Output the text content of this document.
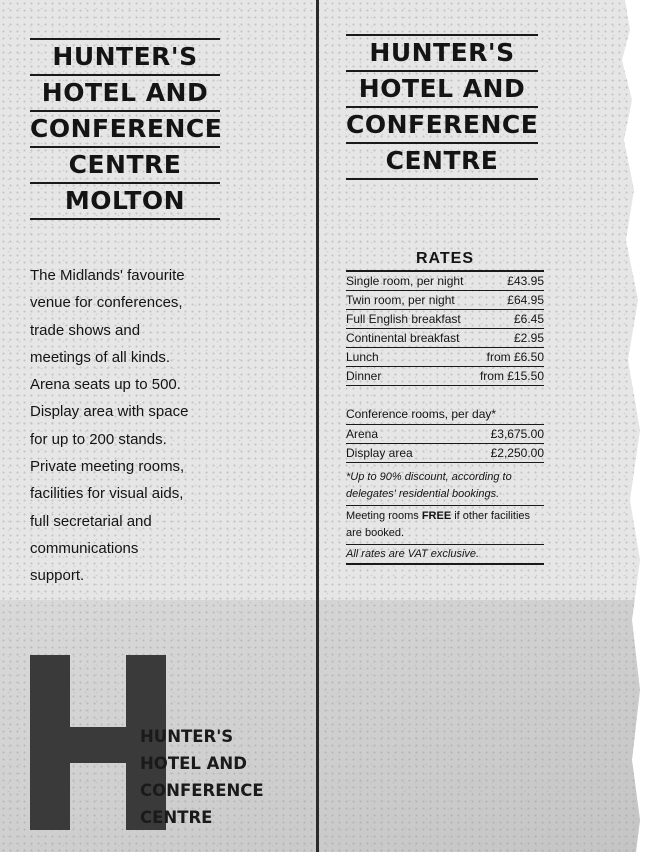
HUNTER'S
HOTEL AND
CONFERENCE
CENTRE
MOLTON
HUNTER'S
HOTEL AND
CONFERENCE
CENTRE
The Midlands' favourite
venue for conferences,
trade shows and
meetings of all kinds.
Arena seats up to 500.
Display area with space
for up to 200 stands.
Private meeting rooms,
facilities for visual aids,
full secretarial and
communications
support.
RATES
Single room, per night	£43.95
Twin room, per night	£64.95
Full English breakfast	£6.45
Continental breakfast	£2.95
Lunch	from £6.50
Dinner	from £15.50
Conference rooms, per day*
Arena	£3,675.00
Display area	£2,250.00
*Up to 90% discount, according to delegates' residential bookings.
Meeting rooms FREE if other facilities are booked.
All rates are VAT exclusive.
HUNTER'S
HOTEL AND
CONFERENCE
CENTRE
